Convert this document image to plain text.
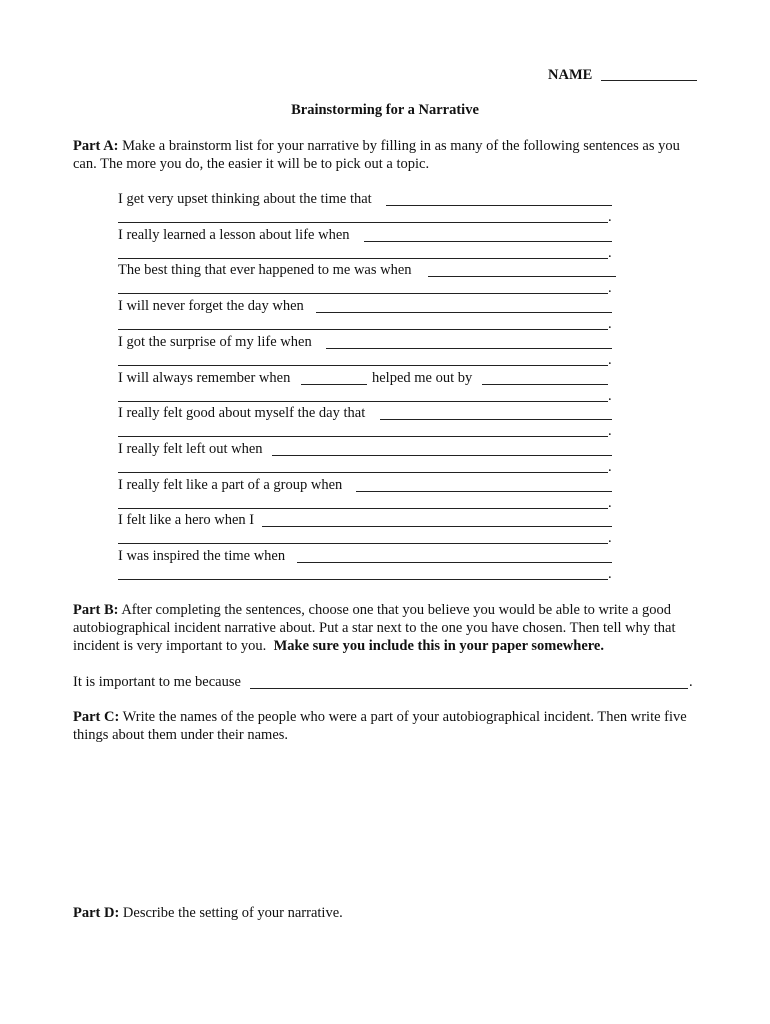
NAME
Brainstorming for a Narrative
Part A: Make a brainstorm list for your narrative by filling in as many of the following sentences as you can. The more you do, the easier it will be to pick out a topic.
I get very upset thinking about the time that
.
I really learned a lesson about life when
.
The best thing that ever happened to me was when
.
I will never forget the day when
.
I got the surprise of my life when
.
I will always remember when	helped me out by
.
I really felt good about myself the day that
.
I really felt left out when
.
I really felt like a part of a group when
.
I felt like a hero when I
.
I was inspired the time when
.
Part B: After completing the sentences, choose one that you believe you would be able to write a good autobiographical incident narrative about. Put a star next to the one you have chosen. Then tell why that incident is very important to you. Make sure you include this in your paper somewhere.
It is important to me because	.
Part C: Write the names of the people who were a part of your autobiographical incident. Then write five things about them under their names.
Part D: Describe the setting of your narrative.
